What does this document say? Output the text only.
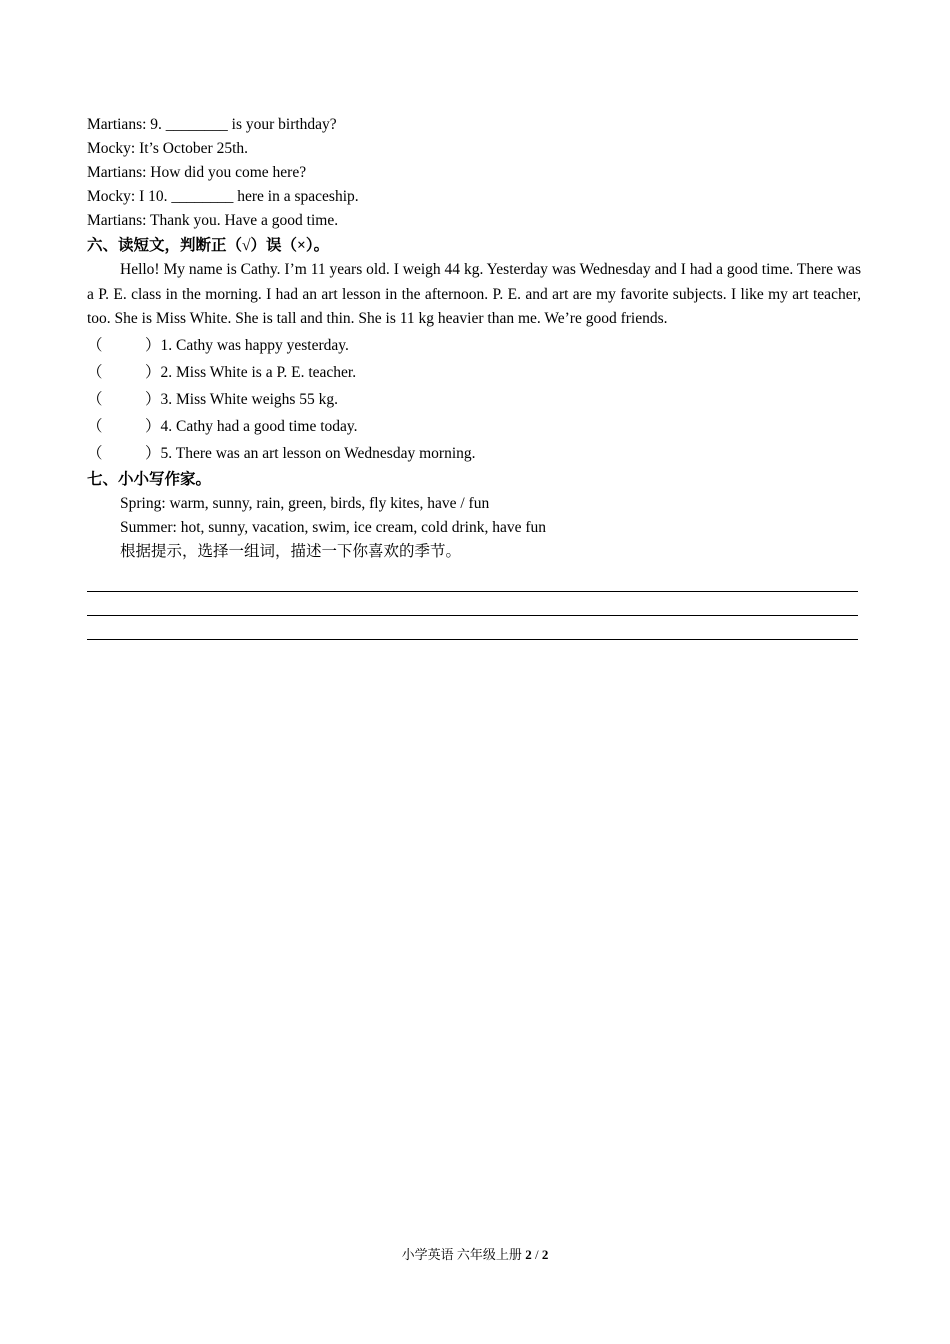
Martians: 9. ________ is your birthday?
Mocky: It’s October 25th.
Martians: How did you come here?
Mocky: I 10. ________ here in a spaceship.
Martians: Thank you. Have a good time.
六、读短文，判断正（√）误（×）。
Hello! My name is Cathy. I’m 11 years old. I weigh 44 kg. Yesterday was Wednesday and I had a good time. There was a P. E. class in the morning. I had an art lesson in the afternoon. P. E. and art are my favorite subjects. I like my art teacher, too. She is Miss White. She is tall and thin. She is 11 kg heavier than me. We’re good friends.
（	）1. Cathy was happy yesterday.
（	）2. Miss White is a P. E. teacher.
（	）3. Miss White weighs 55 kg.
（	）4. Cathy had a good time today.
（	）5. There was an art lesson on Wednesday morning.
七、小小写作家。
Spring: warm, sunny, rain, green, birds, fly kites, have / fun
Summer: hot, sunny, vacation, swim, ice cream, cold drink, have fun
根据提示，选择一组词，描述一下你喜欢的季节。
小学英语 六年级上册 2 / 2
